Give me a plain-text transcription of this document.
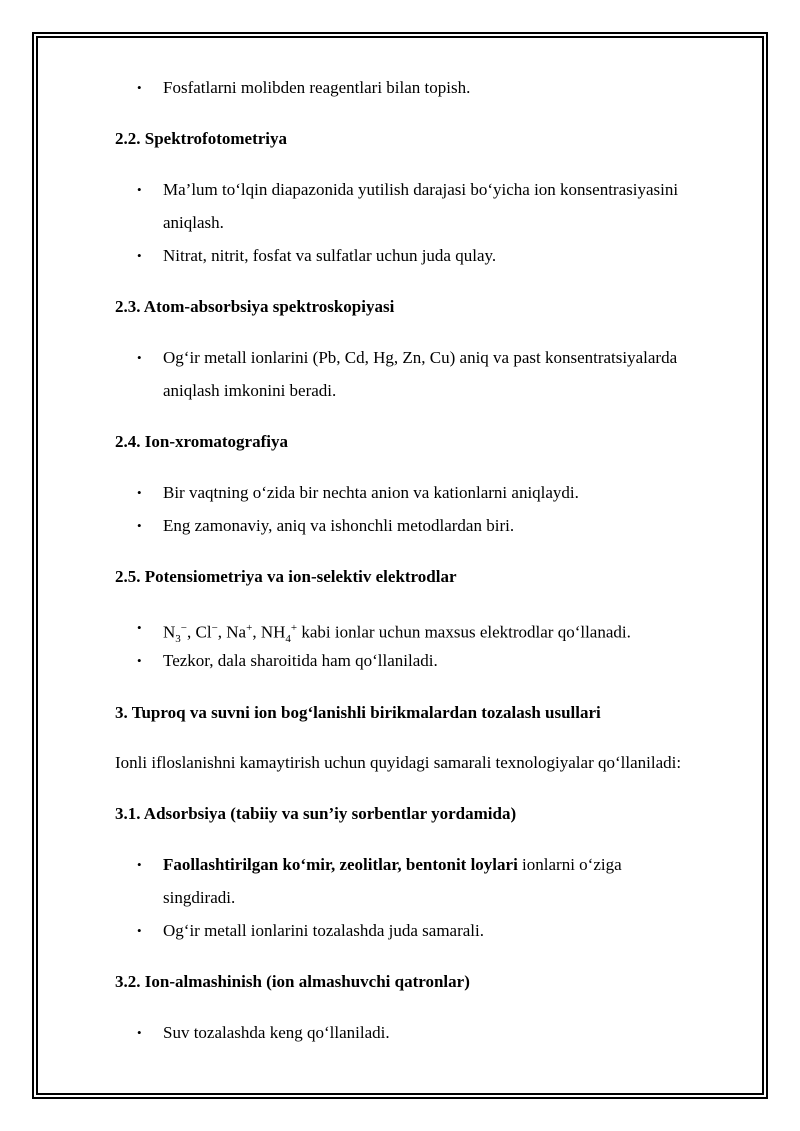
• Fosfatlarni molibden reagentlari bilan topish.
2.2. Spektrofotometriya
• Ma’lum to‘lqin diapazonida yutilish darajasi bo‘yicha ion konsentrasiyasini
aniqlash.
• Nitrat, nitrit, fosfat va sulfatlar uchun juda qulay.
2.3. Atom-absorbsiya spektroskopiyasi
• Og‘ir metall ionlarini (Pb, Cd, Hg, Zn, Cu) aniq va past konsentratsiyalarda
aniqlash imkonini beradi.
2.4. Ion-xromatografiya
• Bir vaqtning o‘zida bir nechta anion va kationlarni aniqlaydi.
• Eng zamonaviy, aniq va ishonchli metodlardan biri.
2.5. Potensiometriya va ion-selektiv elektrodlar
• $N_3^-$, Cl−, Na+, $NH_4^+$ kabi ionlar uchun maxsus elektrodlar qo‘llanadi.
• Tezkor, dala sharoitida ham qo‘llaniladi.
3. Tuproq va suvni ion bog‘lanishli birikmalardan tozalash usullari
Ionli ifloslanishni kamaytirish uchun quyidagi samarali texnologiyalar qo‘llaniladi:
3.1. Adsorbsiya (tabiiy va sun’iy sorbentlar yordamida)
• Faollashtirilgan ko‘mir, zeolitlar, bentonit loylari ionlarni o‘ziga
singdiradi.
• Og‘ir metall ionlarini tozalashda juda samarali.
3.2. Ion-almashinish (ion almashuvchi qatronlar)
• Suv tozalashda keng qo‘llaniladi.
